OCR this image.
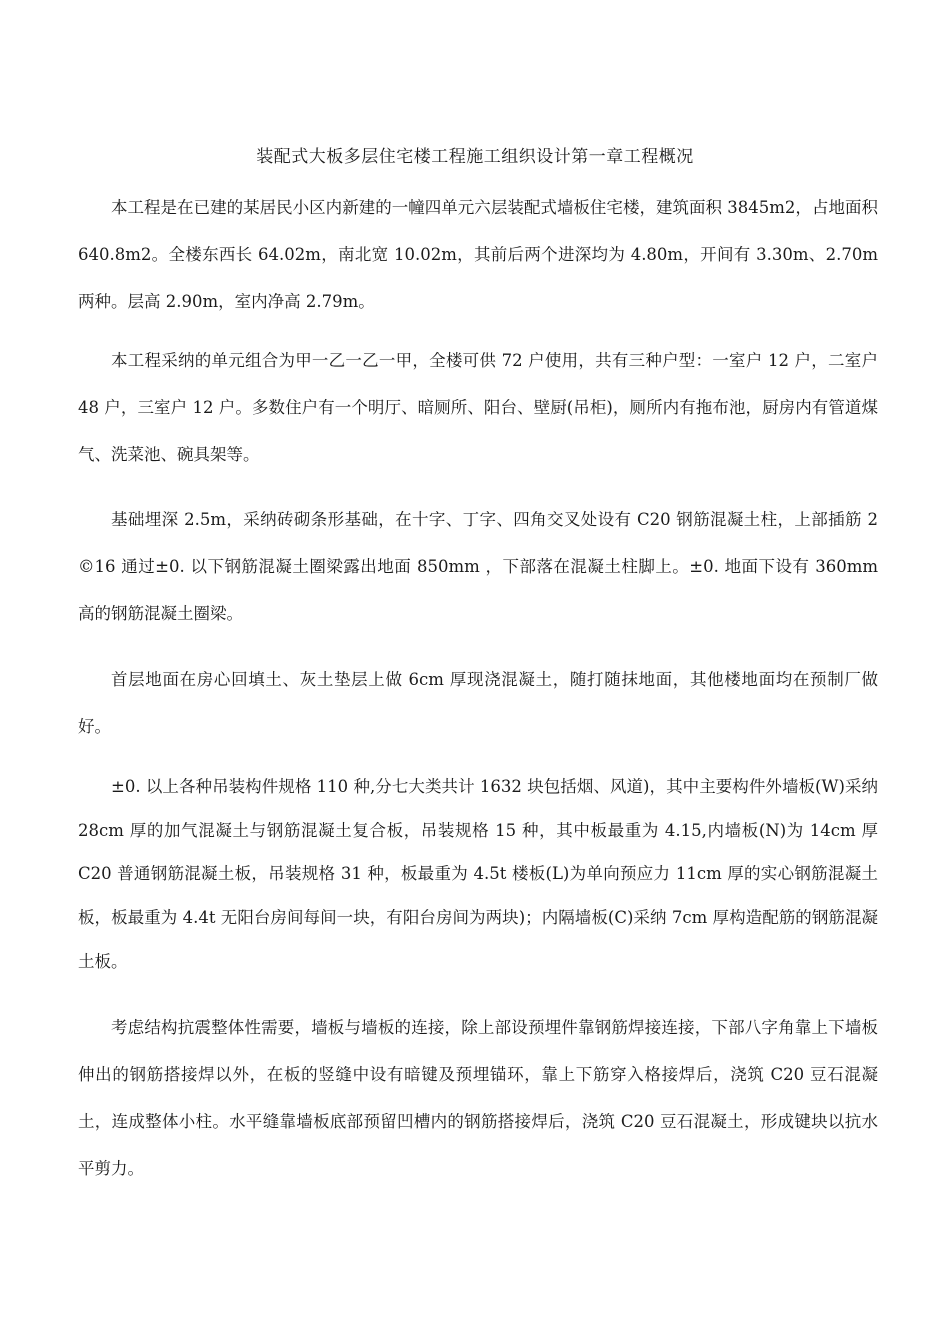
装配式大板多层住宅楼工程施工组织设计第一章工程概况

本工程是在已建的某居民小区内新建的一幢四单元六层装配式墙板住宅楼，建筑面积 3845m2，占地面积 640.8m2。全楼东西长 64.02m，南北宽 10.02m，其前后两个进深均为 4.80m，开间有 3.30m、2.70m 两种。层高 2.90m，室内净高 2.79m。

本工程采纳的单元组合为甲一乙一乙一甲，全楼可供 72 户使用，共有三种户型：一室户 12 户，二室户 48 户，三室户 12 户。多数住户有一个明厅、暗厕所、阳台、壁厨(吊柜)，厕所内有拖布池，厨房内有管道煤气、洗菜池、碗具架等。

基础埋深 2.5m，采纳砖砌条形基础，在十字、丁字、四角交叉处设有 C20 钢筋混凝土柱，上部插筋 2 ©16 通过±0. 以下钢筋混凝土圈梁露出地面 850mm ，下部落在混凝土柱脚上。±0. 地面下设有 360mm 高的钢筋混凝土圈梁。

首层地面在房心回填土、灰土垫层上做 6cm 厚现浇混凝土，随打随抹地面，其他楼地面均在预制厂做好。

±0. 以上各种吊装构件规格 110 种,分七大类共计 1632 块包括烟、风道)，其中主要构件外墙板(W)采纳 28cm 厚的加气混凝土与钢筋混凝土复合板，吊装规格 15 种，其中板最重为 4.15,内墙板(N)为 14cm 厚 C20 普通钢筋混凝土板，吊装规格 31 种，板最重为 4.5t 楼板(L)为单向预应力 11cm 厚的实心钢筋混凝土板，板最重为 4.4t 无阳台房间每间一块，有阳台房间为两块)；内隔墙板(C)采纳 7cm 厚构造配筋的钢筋混凝土板。

考虑结构抗震整体性需要，墙板与墙板的连接，除上部设预埋件靠钢筋焊接连接，下部八字角靠上下墙板伸出的钢筋搭接焊以外，在板的竖缝中设有暗键及预埋锚环，靠上下筋穿入格接焊后，浇筑 C20 豆石混凝土，连成整体小柱。水平缝靠墙板底部预留凹槽内的钢筋搭接焊后，浇筑 C20 豆石混凝土，形成键块以抗水平剪力。
